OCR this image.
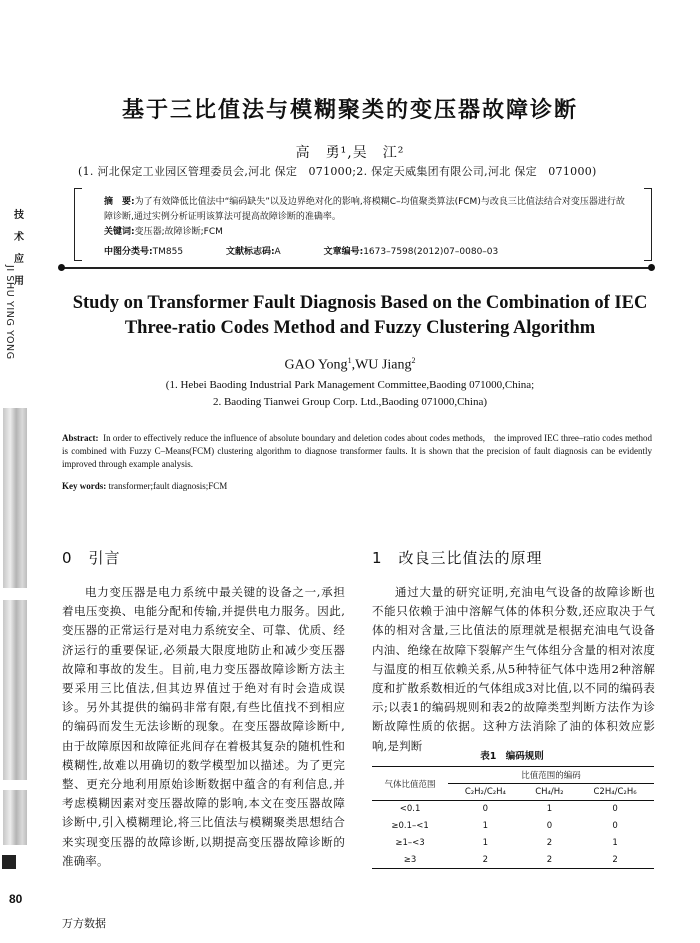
技
术
应
用
JI SHU YING YONG
80
基于三比值法与模糊聚类的变压器故障诊断
高　勇¹,吴　江²
(1. 河北保定工业园区管理委员会,河北 保定　071000;2. 保定天威集团有限公司,河北 保定　071000)
摘　要:为了有效降低比值法中“编码缺失”以及边界绝对化的影响,将模糊C–均值聚类算法(FCM)与改良三比值法结合对变压器进行故障诊断,通过实例分析证明该算法可提高故障诊断的准确率。
关键词:变压器;故障诊断;FCM
中图分类号:TM855	文献标志码:A	文章编号:1673–7598(2012)07–0080–03
Study on Transformer Fault Diagnosis Based on the Combination of IEC Three-ratio Codes Method and Fuzzy Clustering Algorithm
GAO Yong$^1$,WU Jiang$^2$
(1. Hebei Baoding Industrial Park Management Committee,Baoding 071000,China;
2. Baoding Tianwei Group Corp. Ltd.,Baoding 071000,China)
Abstract: In order to effectively reduce the influence of absolute boundary and deletion codes about codes methods,　the improved IEC three–ratio codes method is combined with Fuzzy C–Means(FCM) clustering algorithm to diagnose transformer faults. It is shown that the precision of fault diagnosis can be evidently improved through example analysis.
Key words: transformer;fault diagnosis;FCM
0　引言

电力变压器是电力系统中最关键的设备之一,承担着电压变换、电能分配和传输,并提供电力服务。因此,变压器的正常运行是对电力系统安全、可靠、优质、经济运行的重要保证,必须最大限度地防止和减少变压器故障和事故的发生。目前,电力变压器故障诊断方法主要采用三比值法,但其边界值过于绝对有时会造成误诊。另外其提供的编码非常有限,有些比值找不到相应的编码而发生无法诊断的现象。在变压器故障诊断中,由于故障原因和故障征兆间存在着极其复杂的随机性和模糊性,故难以用确切的数学模型加以描述。为了更完整、更充分地利用原始诊断数据中蕴含的有利信息,并考虑模糊因素对变压器故障的影响,本文在变压器故障诊断中,引入模糊理论,将三比值法与模糊聚类思想结合来实现变压器的故障诊断,以期提高变压器故障诊断的准确率。

1　改良三比值法的原理

通过大量的研究证明,充油电气设备的故障诊断也不能只依赖于油中溶解气体的体积分数,还应取决于气体的相对含量,三比值法的原理就是根据充油电气设备内油、绝缘在故障下裂解产生气体组分含量的相对浓度与温度的相互依赖关系,从5种特征气体中选用2种溶解度和扩散系数相近的气体组成3对比值,以不同的编码表示;以表1的编码规则和表2的故障类型判断方法作为诊断故障性质的依据。这种方法消除了油的体积效应影响,是判断

表1　编码规则
气体比值范围	比值范围的编码		
	C₂H₂/C₂H₄	CH₄/H₂	C2H₄/C₂H₆
<0.1	0	1	0
≥0.1–<1	1	0	0
≥1–<3	1	2	1
≥3	2	2	2
万方数据
